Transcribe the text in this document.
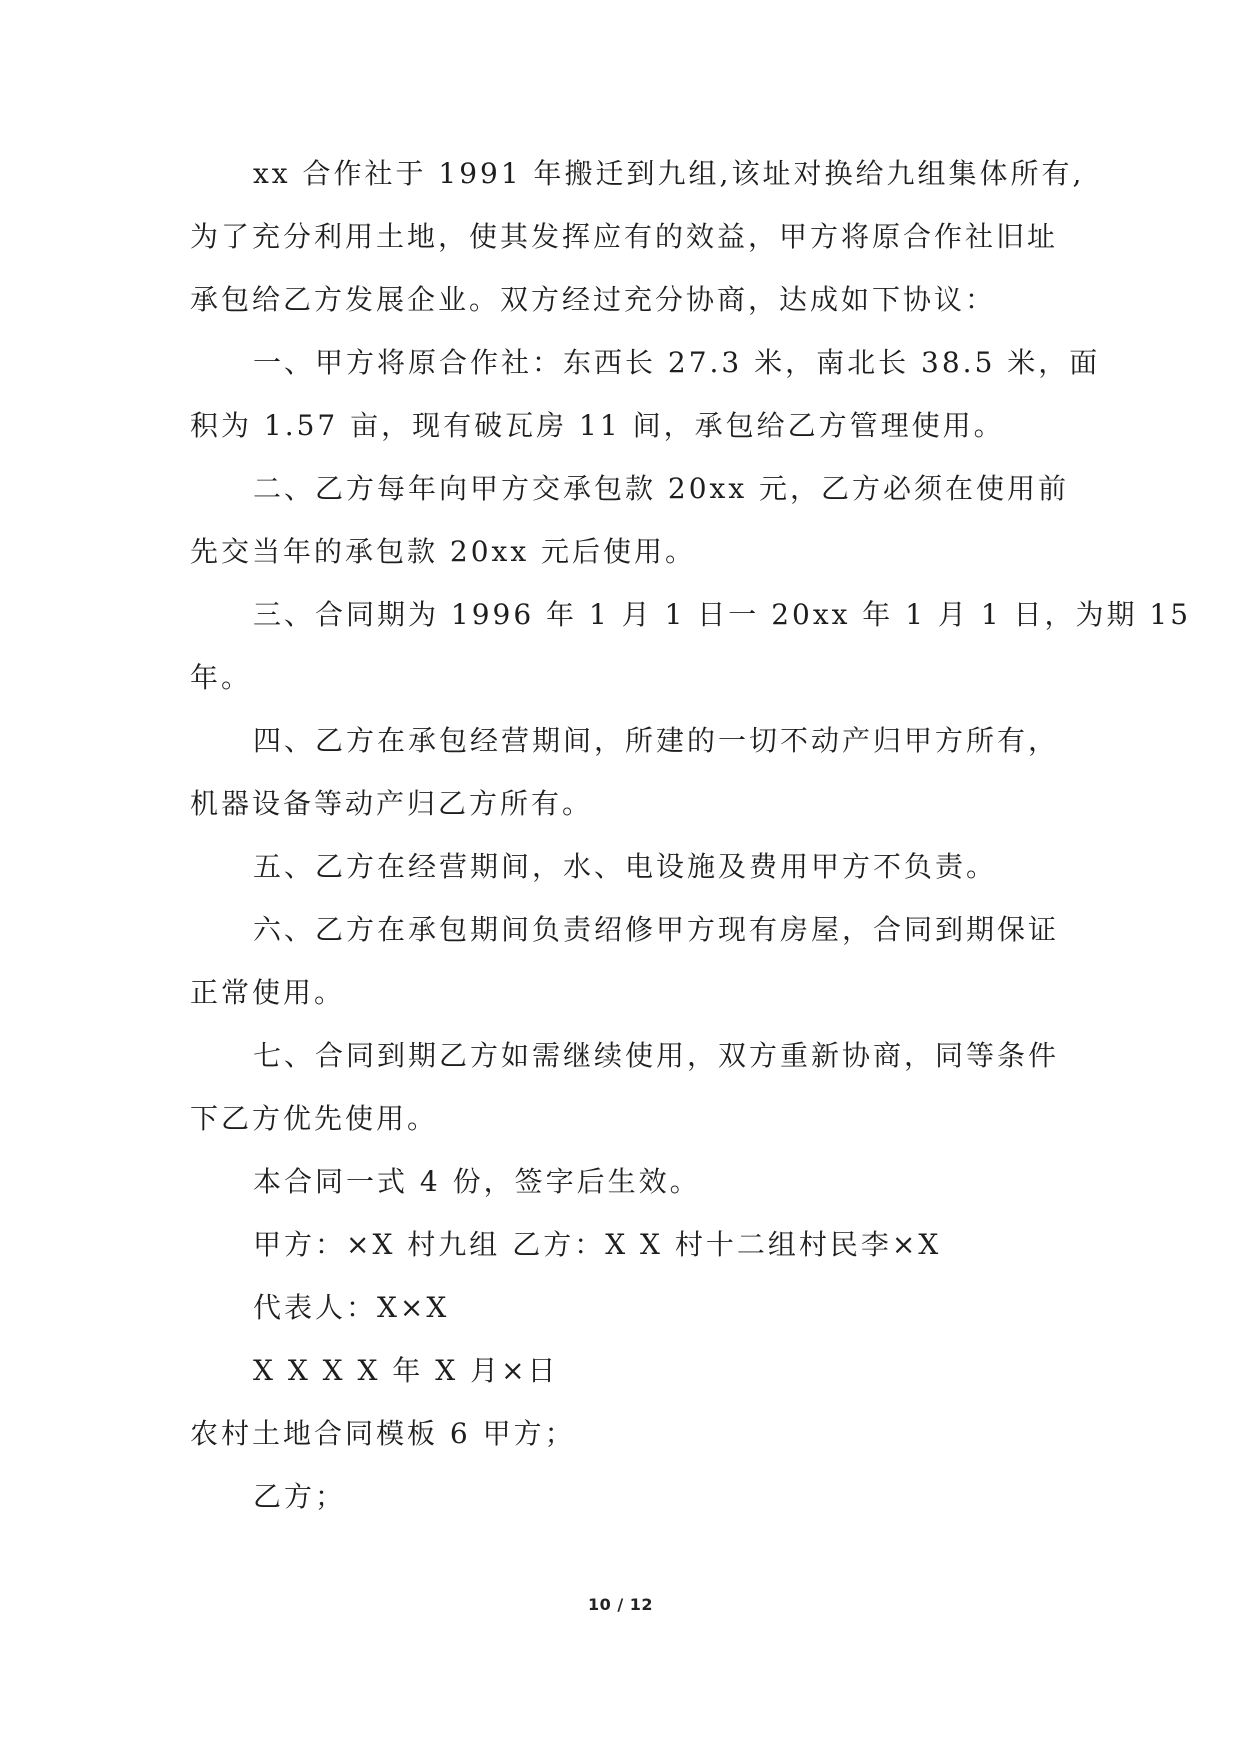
xx 合作社于 1991 年搬迁到九组,该址对换给九组集体所有,
为了充分利用土地，使其发挥应有的效益，甲方将原合作社旧址
承包给乙方发展企业。双方经过充分协商，达成如下协议：
一、甲方将原合作社：东西长 27.3 米，南北长 38.5 米，面
积为 1.57 亩，现有破瓦房 11 间，承包给乙方管理使用。
二、乙方每年向甲方交承包款 20xx 元，乙方必须在使用前
先交当年的承包款 20xx 元后使用。
三、合同期为 1996 年 1 月 1 日一 20xx 年 1 月 1 日，为期 15
年。
四、乙方在承包经营期间，所建的一切不动产归甲方所有，
机器设备等动产归乙方所有。
五、乙方在经营期间，水、电设施及费用甲方不负责。
六、乙方在承包期间负责绍修甲方现有房屋，合同到期保证
正常使用。
七、合同到期乙方如需继续使用，双方重新协商，同等条件
下乙方优先使用。
本合同一式 4 份，签字后生效。
甲方：×X 村九组 乙方：X X 村十二组村民李×X
代表人：X×X
X X X X 年 X 月×日
农村土地合同模板 6 甲方；
乙方；
10 / 12
